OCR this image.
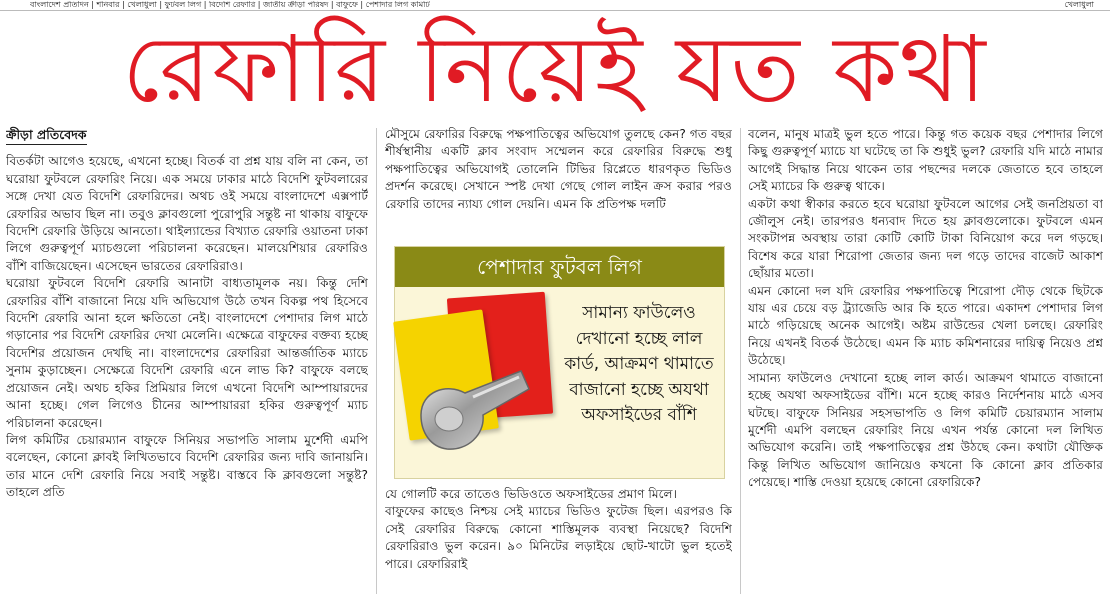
বাংলাদেশ প্রতিদিন | শনিবার | খেলাধুলা | ফুটবল লিগ | বিদেশি রেফারি | জাতীয় ক্রীড়া পরিষদ | বাফুফে | পেশাদার লিগ কমিটি	খেলাধুলা
রেফারি নিয়েই যত কথা
ক্রীড়া প্রতিবেদক

বিতর্কটা আগেও হয়েছে, এখনো হচ্ছে। বিতর্ক বা প্রশ্ন যায় বলি না কেন, তা ঘরোয়া ফুটবলে রেফারিং নিয়ে। এক সময়ে ঢাকার মাঠে বিদেশি ফুটবলারের সঙ্গে দেখা যেত বিদেশি রেফারিদের। অথচ ওই সময়ে বাংলাদেশে এক্সপার্ট রেফারির অভাব ছিল না। তবুও ক্লাবগুলো পুরোপুরি সন্তুষ্ট না থাকায় বাফুফে বিদেশি রেফারি উড়িয়ে আনতো। থাইল্যান্ডের বিখ্যাত রেফারি ওয়াতনা ঢাকা লিগে গুরুত্বপূর্ণ ম্যাচগুলো পরিচালনা করেছেন। মালয়েশিয়ার রেফারিও বাঁশি বাজিয়েছেন। এসেছেন ভারতের রেফারিরাও।

ঘরোয়া ফুটবলে বিদেশি রেফারি আনাটা বাধ্যতামূলক নয়। কিন্তু দেশি রেফারির বাঁশি বাজানো নিয়ে যদি অভিযোগ উঠে তখন বিকল্প পথ হিসেবে বিদেশি রেফারি আনা হলে ক্ষতিতো নেই। বাংলাদেশে পেশাদার লিগ মাঠে গড়ানোর পর বিদেশি রেফারির দেখা মেলেনি। এক্ষেত্রে বাফুফের বক্তব্য হচ্ছে বিদেশির প্রয়োজন দেখছি না। বাংলাদেশের রেফারিরা আন্তর্জাতিক ম্যাচে সুনাম কুড়াচ্ছেন। সেক্ষেত্রে বিদেশি রেফারি এনে লাভ কি? বাফুফে বলছে প্রয়োজন নেই। অথচ হকির প্রিমিয়ার লিগে এখনো বিদেশি আম্পায়ারদের আনা হচ্ছে। গেল লিগেও চীনের আম্পায়াররা হকির গুরুত্বপূর্ণ ম্যাচ পরিচালনা করেছেন।

লিগ কমিটির চেয়ারম্যান বাফুফে সিনিয়র সভাপতি সালাম মুর্শেদী এমপি বলেছেন, কোনো ক্লাবই লিখিতভাবে বিদেশি রেফারির জন্য দাবি জানায়নি। তার মানে দেশি রেফারি নিয়ে সবাই সন্তুষ্ট। বাস্তবে কি ক্লাবগুলো সন্তুষ্ট? তাহলে প্রতি

মৌসুমে রেফারির বিরুদ্ধে পক্ষপাতিত্বের অভিযোগ তুলছে কেন? গত বছর শীর্ষস্থানীয় একটি ক্লাব সংবাদ সম্মেলন করে রেফারির বিরুদ্ধে শুধু পক্ষপাতিত্বের অভিযোগই তোলেনি টিভির রিপ্লেতে ধারণকৃত ভিডিও প্রদর্শন করেছে। সেখানে স্পষ্ট দেখা গেছে গোল লাইন ক্রস করার পরও রেফারি তাদের ন্যায্য গোল দেয়নি। এমন কি প্রতিপক্ষ দলটি

পেশাদার ফুটবল লিগ
সামান্য ফাউলেও দেখানো হচ্ছে লাল কার্ড, আক্রমণ থামাতে বাজানো হচ্ছে অযথা অফসাইডের বাঁশি

যে গোলটি করে তাতেও ভিডিওতে অফসাইডের প্রমাণ মিলে।

বাফুফের কাছেও নিশ্চয় সেই ম্যাচের ভিডিও ফুটেজ ছিল। এরপরও কি সেই রেফারির বিরুদ্ধে কোনো শাস্তিমূলক ব্যবস্থা নিয়েছে? বিদেশি রেফারিরাও ভুল করেন। ৯০ মিনিটের লড়াইয়ে ছোট-খাটো ভুল হতেই পারে। রেফারিরাই

বলেন, মানুষ মাত্রই ভুল হতে পারে। কিন্তু গত কয়েক বছর পেশাদার লিগে কিছু গুরুত্বপূর্ণ ম্যাচে যা ঘটেছে তা কি শুধুই ভুল? রেফারি যদি মাঠে নামার আগেই সিদ্ধান্ত নিয়ে থাকেন তার পছন্দের দলকে জেতাতে হবে তাহলে সেই ম্যাচের কি গুরুত্ব থাকে।

একটা কথা স্বীকার করতে হবে ঘরোয়া ফুটবলে আগের সেই জনপ্রিয়তা বা জৌলুস নেই। তারপরও ধন্যবাদ দিতে হয় ক্লাবগুলোকে। ফুটবলে এমন সংকটাপন্ন অবস্থায় তারা কোটি কোটি টাকা বিনিয়োগ করে দল গড়ছে। বিশেষ করে যারা শিরোপা জেতার জন্য দল গড়ে তাদের বাজেট আকাশ ছোঁয়ার মতো।

এমন কোনো দল যদি রেফারির পক্ষপাতিত্বে শিরোপা দৌড় থেকে ছিটকে যায় এর চেয়ে বড় ট্র্যাজেডি আর কি হতে পারে। একাদশ পেশাদার লিগ মাঠে গড়িয়েছে অনেক আগেই। অষ্টম রাউন্ডের খেলা চলছে। রেফারিং নিয়ে এখনই বিতর্ক উঠেছে। এমন কি ম্যাচ কমিশনারের দায়িত্ব নিয়েও প্রশ্ন উঠেছে।

সামান্য ফাউলেও দেখানো হচ্ছে লাল কার্ড। আক্রমণ থামাতে বাজানো হচ্ছে অযথা অফসাইডের বাঁশি। মনে হচ্ছে কারও নির্দেশনায় মাঠে এসব ঘটছে। বাফুফে সিনিয়র সহসভাপতি ও লিগ কমিটি চেয়ারম্যান সালাম মুর্শেদী এমপি বলছেন রেফারিং নিয়ে এখন পর্যন্ত কোনো দল লিখিত অভিযোগ করেনি। তাই পক্ষপাতিত্বের প্রশ্ন উঠছে কেন। কথাটা যৌক্তিক কিন্তু লিখিত অভিযোগ জানিয়েও কখনো কি কোনো ক্লাব প্রতিকার পেয়েছে। শাস্তি দেওয়া হয়েছে কোনো রেফারিকে?
